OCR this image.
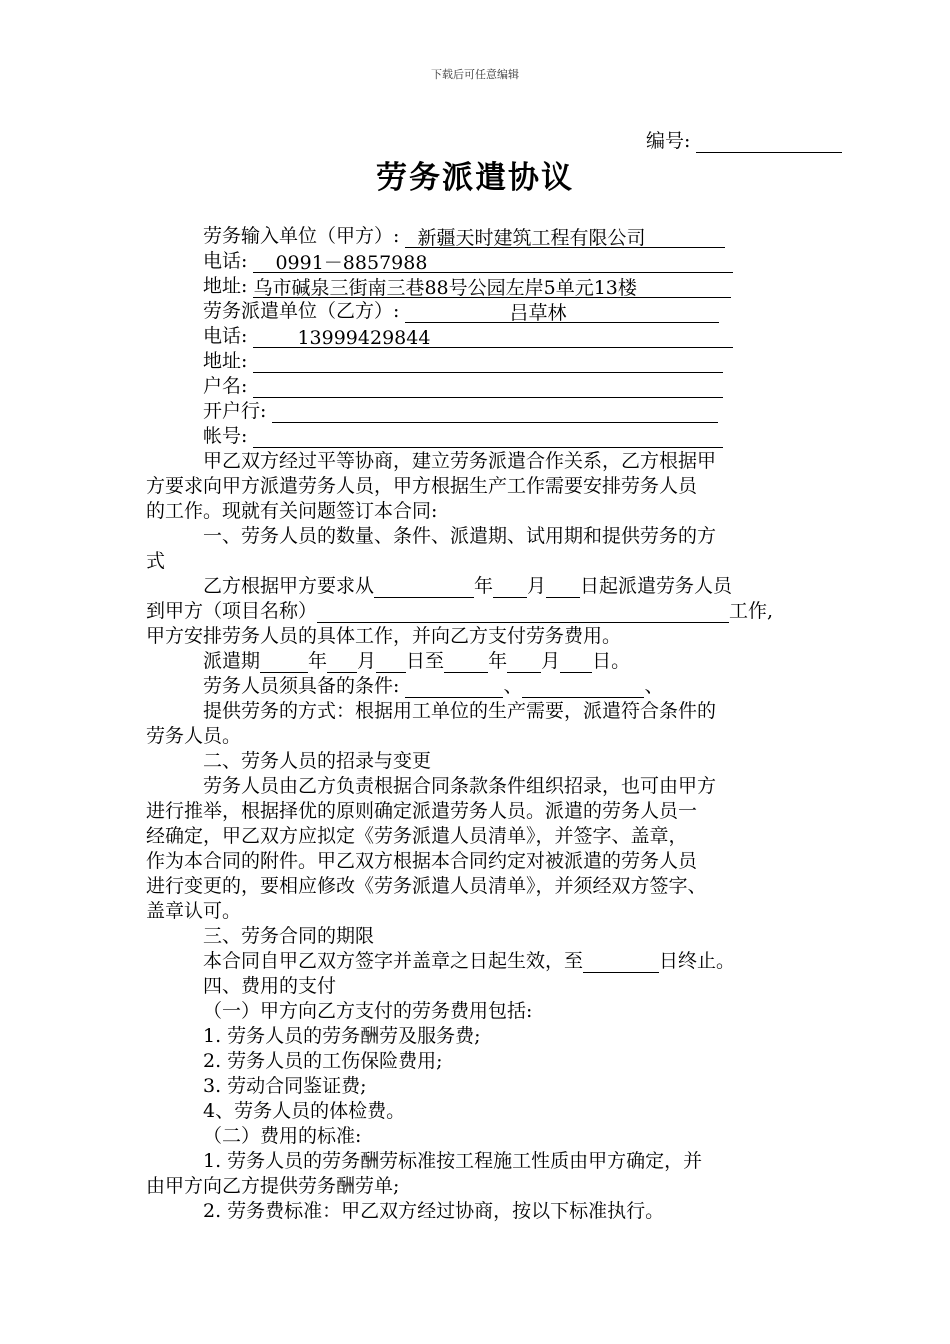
下载后可任意编辑
编号:
劳务派遣协议
劳务输入单位（甲方）: 新疆天时建筑工程有限公司
电话: 0991－8857988
地址: 乌市碱泉三街南三巷88号公园左岸5单元13楼
劳务派遣单位（乙方）:	吕草林
电话:	13999429844
地址:
户名:
开户行:
帐号:
甲乙双方经过平等协商，建立劳务派遣合作关系，乙方根据甲
方要求向甲方派遣劳务人员，甲方根据生产工作需要安排劳务人员
的工作。现就有关问题签订本合同:
一、劳务人员的数量、条件、派遣期、试用期和提供劳务的方
式
乙方根据甲方要求从	年 月 日起派遣劳务人员
到甲方（项目名称）	工作,
甲方安排劳务人员的具体工作，并向乙方支付劳务费用。
派遣期	年 月 日至 年 月 日。
劳务人员须具备的条件:	、	、
提供劳务的方式：根据用工单位的生产需要，派遣符合条件的
劳务人员。
二、劳务人员的招录与变更
劳务人员由乙方负责根据合同条款条件组织招录，也可由甲方
进行推举，根据择优的原则确定派遣劳务人员。派遣的劳务人员一
经确定，甲乙双方应拟定《劳务派遣人员清单》，并签字、盖章，
作为本合同的附件。甲乙双方根据本合同约定对被派遣的劳务人员
进行变更的，要相应修改《劳务派遣人员清单》，并须经双方签字、
盖章认可。
三、劳务合同的期限
本合同自甲乙双方签字并盖章之日起生效，至	日终止。
四、费用的支付
（一）甲方向乙方支付的劳务费用包括:
1. 劳务人员的劳务酬劳及服务费;
2. 劳务人员的工伤保险费用;
3. 劳动合同鉴证费;
4、劳务人员的体检费。
（二）费用的标准:
1. 劳务人员的劳务酬劳标准按工程施工性质由甲方确定，并
由甲方向乙方提供劳务酬劳单;
2. 劳务费标准：甲乙双方经过协商，按以下标准执行。
